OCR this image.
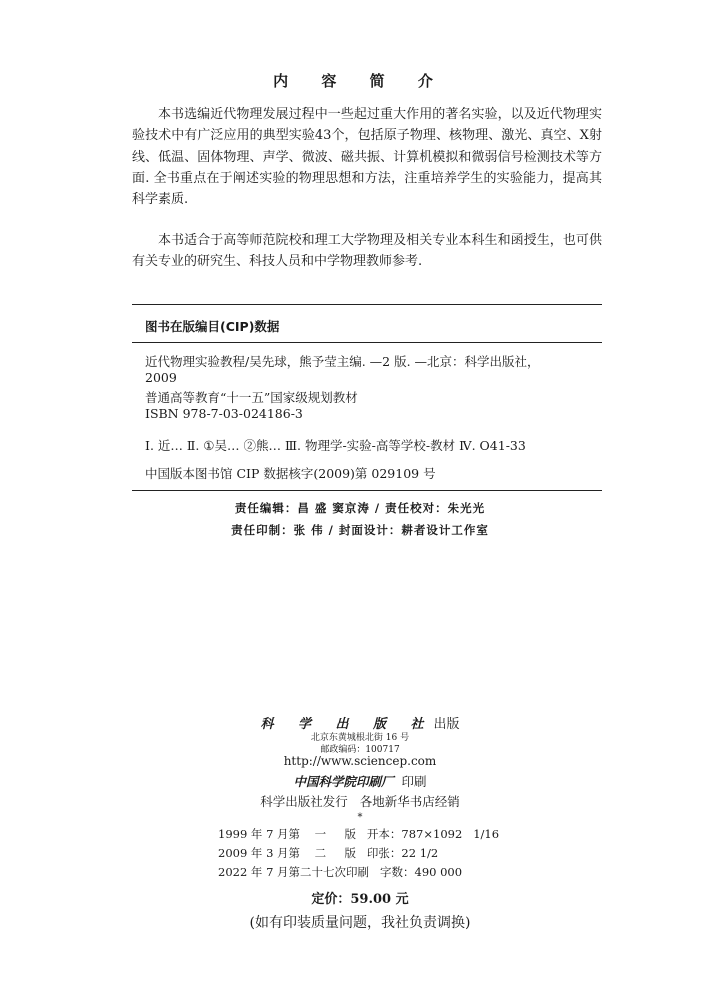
内 容 简 介

本书选编近代物理发展过程中一些起过重大作用的著名实验，以及近代物理实验技术中有广泛应用的典型实验43个，包括原子物理、核物理、激光、真空、X射线、低温、固体物理、声学、微波、磁共振、计算机模拟和微弱信号检测技术等方面. 全书重点在于阐述实验的物理思想和方法，注重培养学生的实验能力，提高其科学素质.

本书适合于高等师范院校和理工大学物理及相关专业本科生和函授生，也可供有关专业的研究生、科技人员和中学物理教师参考.

图书在版编目(CIP)数据
近代物理实验教程/吴先球，熊予莹主编. —2 版. —北京：科学出版社，
2009
普通高等教育“十一五”国家级规划教材
ISBN 978-7-03-024186-3
Ⅰ. 近… Ⅱ. ①吴… ②熊… Ⅲ. 物理学-实验-高等学校-教材 Ⅳ. O41-33
中国版本图书馆 CIP 数据核字(2009)第 029109 号
责任编辑：昌 盛 窦京涛 / 责任校对：朱光光
责任印制：张 伟 / 封面设计：耕者设计工作室
科 学 出 版 社出版
北京东黄城根北街 16 号
邮政编码：100717
http://www.sciencep.com
中国科学院印刷厂  印刷
科学出版社发行   各地新华书店经销
*
1999 年 7 月第    一     版   开本：787×1092   1/16
2009 年 3 月第    二     版   印张：22 1/2
2022 年 7 月第二十七次印刷   字数：490 000
定价：59.00 元
(如有印装质量问题，我社负责调换)
